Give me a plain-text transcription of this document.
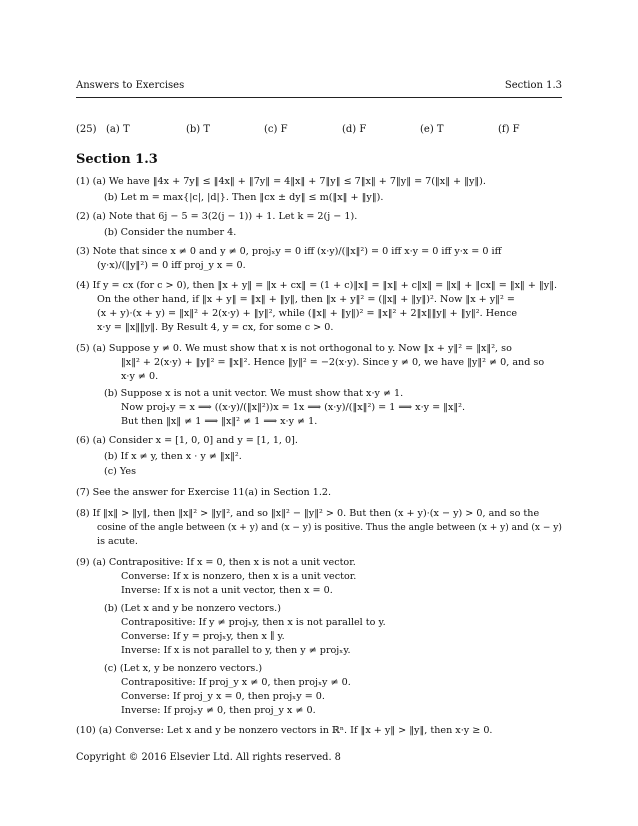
Answers to Exercises	Section 1.3
(25) (a) T	(b) T	(c) F	(d) F	(e) T	(f) F
Section 1.3
(1) (a) We have ‖4x + 7y‖ ≤ ‖4x‖ + ‖7y‖ = 4‖x‖ + 7‖y‖ ≤ 7‖x‖ + 7‖y‖ = 7(‖x‖ + ‖y‖).
(b) Let m = max{|c|, |d|}. Then ‖cx ± dy‖ ≤ m(‖x‖ + ‖y‖).
(2) (a) Note that 6j − 5 = 3(2(j − 1)) + 1. Let k = 2(j − 1).
(b) Consider the number 4.
(3) Note that since x ≠ 0 and y ≠ 0, projₓy = 0 iff (x·y)/(‖x‖²) = 0 iff x·y = 0 iff y·x = 0 iff
(y·x)/(‖y‖²) = 0 iff proj_y x = 0.
(4) If y = cx (for c > 0), then ‖x + y‖ = ‖x + cx‖ = (1 + c)‖x‖ = ‖x‖ + c‖x‖ = ‖x‖ + ‖cx‖ = ‖x‖ + ‖y‖.
On the other hand, if ‖x + y‖ = ‖x‖ + ‖y‖, then ‖x + y‖² = (‖x‖ + ‖y‖)². Now ‖x + y‖² =
(x + y)·(x + y) = ‖x‖² + 2(x·y) + ‖y‖², while (‖x‖ + ‖y‖)² = ‖x‖² + 2‖x‖‖y‖ + ‖y‖². Hence
x·y = ‖x‖‖y‖. By Result 4, y = cx, for some c > 0.
(5) (a) Suppose y ≠ 0. We must show that x is not orthogonal to y. Now ‖x + y‖² = ‖x‖², so
‖x‖² + 2(x·y) + ‖y‖² = ‖x‖². Hence ‖y‖² = −2(x·y). Since y ≠ 0, we have ‖y‖² ≠ 0, and so
x·y ≠ 0.
(b) Suppose x is not a unit vector. We must show that x·y ≠ 1.
Now projₓy = x ⟹ ((x·y)/(‖x‖²))x = 1x ⟹ (x·y)/(‖x‖²) = 1 ⟹ x·y = ‖x‖².
But then ‖x‖ ≠ 1 ⟹ ‖x‖² ≠ 1 ⟹ x·y ≠ 1.
(6) (a) Consider x = [1, 0, 0] and y = [1, 1, 0].
(b) If x ≠ y, then x · y ≠ ‖x‖².
(c) Yes
(7) See the answer for Exercise 11(a) in Section 1.2.
(8) If ‖x‖ > ‖y‖, then ‖x‖² > ‖y‖², and so ‖x‖² − ‖y‖² > 0. But then (x + y)·(x − y) > 0, and so the
cosine of the angle between (x + y) and (x − y) is positive. Thus the angle between (x + y) and (x − y)
is acute.
(9) (a) Contrapositive: If x = 0, then x is not a unit vector.
Converse: If x is nonzero, then x is a unit vector.
Inverse: If x is not a unit vector, then x = 0.
(b) (Let x and y be nonzero vectors.)
Contrapositive: If y ≠ projₓy, then x is not parallel to y.
Converse: If y = projₓy, then x ∥ y.
Inverse: If x is not parallel to y, then y ≠ projₓy.
(c) (Let x, y be nonzero vectors.)
Contrapositive: If proj_y x ≠ 0, then projₓy ≠ 0.
Converse: If proj_y x = 0, then projₓy = 0.
Inverse: If projₓy ≠ 0, then proj_y x ≠ 0.
(10) (a) Converse: Let x and y be nonzero vectors in ℝⁿ. If ‖x + y‖ > ‖y‖, then x·y ≥ 0.
Copyright © 2016 Elsevier Ltd. All rights reserved. 8
